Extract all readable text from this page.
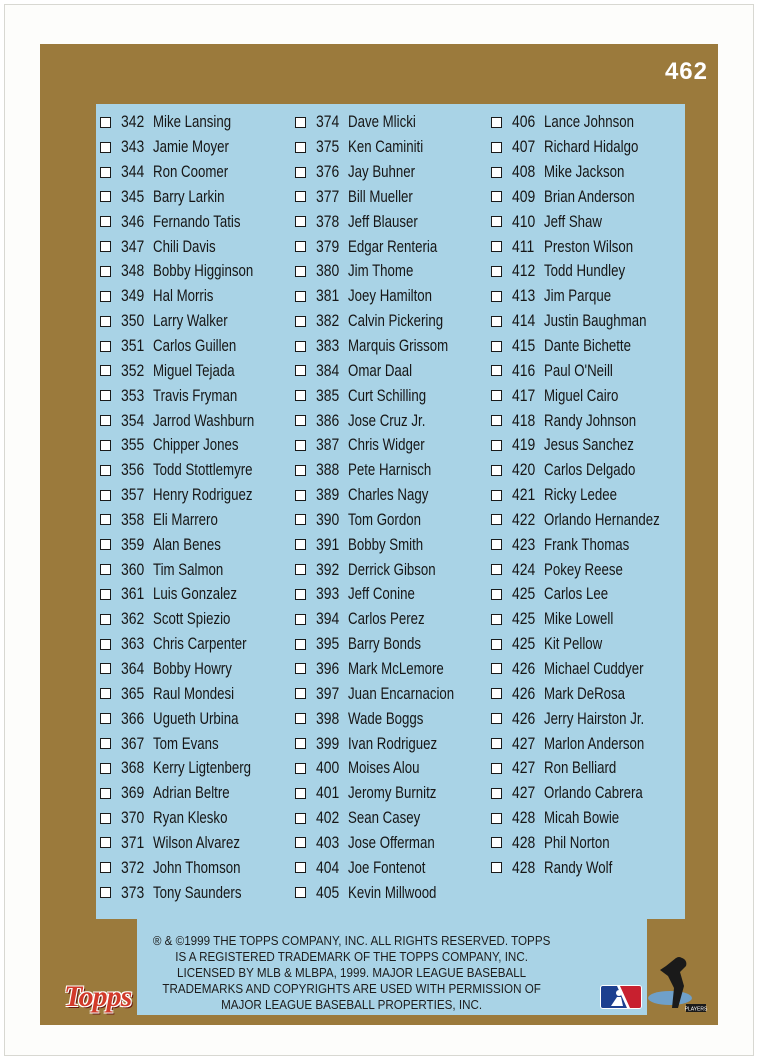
462
342 Mike Lansing
343 Jamie Moyer
344 Ron Coomer
345 Barry Larkin
346 Fernando Tatis
347 Chili Davis
348 Bobby Higginson
349 Hal Morris
350 Larry Walker
351 Carlos Guillen
352 Miguel Tejada
353 Travis Fryman
354 Jarrod Washburn
355 Chipper Jones
356 Todd Stottlemyre
357 Henry Rodriguez
358 Eli Marrero
359 Alan Benes
360 Tim Salmon
361 Luis Gonzalez
362 Scott Spiezio
363 Chris Carpenter
364 Bobby Howry
365 Raul Mondesi
366 Ugueth Urbina
367 Tom Evans
368 Kerry Ligtenberg
369 Adrian Beltre
370 Ryan Klesko
371 Wilson Alvarez
372 John Thomson
373 Tony Saunders
374 Dave Mlicki
375 Ken Caminiti
376 Jay Buhner
377 Bill Mueller
378 Jeff Blauser
379 Edgar Renteria
380 Jim Thome
381 Joey Hamilton
382 Calvin Pickering
383 Marquis Grissom
384 Omar Daal
385 Curt Schilling
386 Jose Cruz Jr.
387 Chris Widger
388 Pete Harnisch
389 Charles Nagy
390 Tom Gordon
391 Bobby Smith
392 Derrick Gibson
393 Jeff Conine
394 Carlos Perez
395 Barry Bonds
396 Mark McLemore
397 Juan Encarnacion
398 Wade Boggs
399 Ivan Rodriguez
400 Moises Alou
401 Jeromy Burnitz
402 Sean Casey
403 Jose Offerman
404 Joe Fontenot
405 Kevin Millwood
406 Lance Johnson
407 Richard Hidalgo
408 Mike Jackson
409 Brian Anderson
410 Jeff Shaw
411 Preston Wilson
412 Todd Hundley
413 Jim Parque
414 Justin Baughman
415 Dante Bichette
416 Paul O'Neill
417 Miguel Cairo
418 Randy Johnson
419 Jesus Sanchez
420 Carlos Delgado
421 Ricky Ledee
422 Orlando Hernandez
423 Frank Thomas
424 Pokey Reese
425 Carlos Lee
425 Mike Lowell
425 Kit Pellow
426 Michael Cuddyer
426 Mark DeRosa
426 Jerry Hairston Jr.
427 Marlon Anderson
427 Ron Belliard
427 Orlando Cabrera
428 Micah Bowie
428 Phil Norton
428 Randy Wolf
® & ©1999 THE TOPPS COMPANY, INC. ALL RIGHTS RESERVED. TOPPS IS A REGISTERED TRADEMARK OF THE TOPPS COMPANY, INC. LICENSED BY MLB & MLBPA, 1999. MAJOR LEAGUE BASEBALL TRADEMARKS AND COPYRIGHTS ARE USED WITH PERMISSION OF MAJOR LEAGUE BASEBALL PROPERTIES, INC.
Topps	PLAYERS
